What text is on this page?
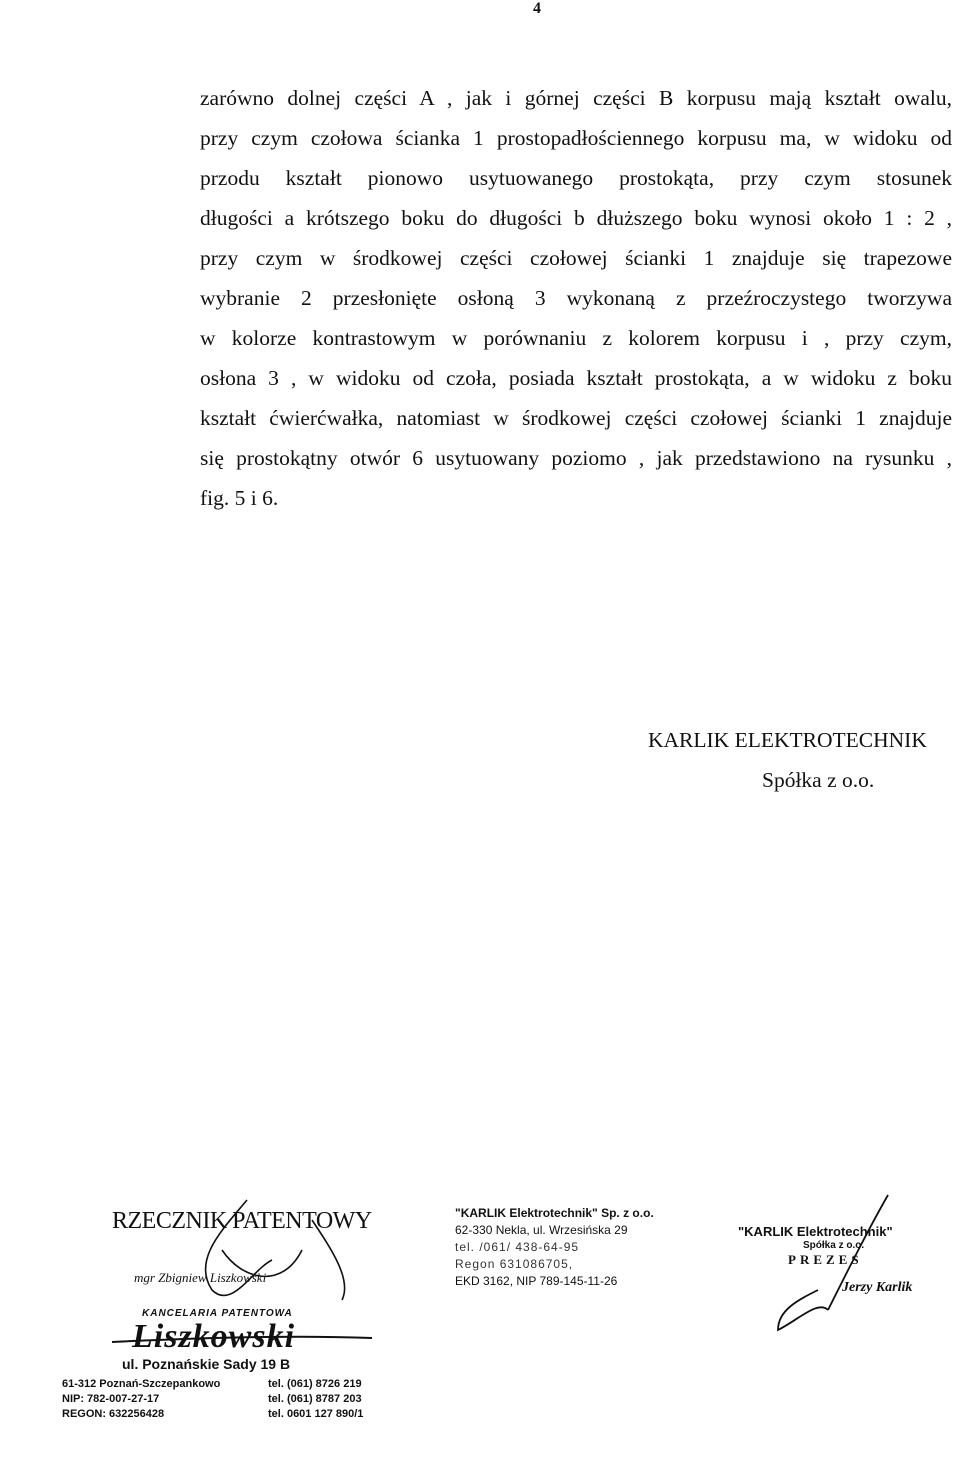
4
zarówno dolnej części A , jak i górnej części B korpusu mają kształt owalu,
przy czym czołowa ścianka 1 prostopadłościennego korpusu ma, w widoku od
przodu kształt pionowo usytuowanego prostokąta, przy czym stosunek
długości a krótszego boku do długości b dłuższego boku wynosi około 1 : 2 ,
przy czym w środkowej części czołowej ścianki 1 znajduje się trapezowe
wybranie 2 przesłonięte osłoną 3 wykonaną z przeźroczystego tworzywa
w kolorze kontrastowym w porównaniu z kolorem korpusu i , przy czym,
osłona 3 , w widoku od czoła, posiada kształt prostokąta, a w widoku z boku
kształt ćwierćwałka, natomiast w środkowej części czołowej ścianki 1 znajduje
się prostokątny otwór 6 usytuowany poziomo , jak przedstawiono na rysunku ,
fig. 5 i 6.
KARLIK ELEKTROTECHNIK
Spółka z o.o.
RZECZNIK PATENTOWY
mgr Zbigniew Liszkowski
KANCELARIA PATENTOWA
Liszkowski
ul. Poznańskie Sady 19 B
61-312 Poznań-Szczepankowo	tel. (061) 8726 219
NIP: 782-007-27-17	tel. (061) 8787 203
REGON: 632256428	tel. 0601 127 890/1
"KARLIK Elektrotechnik" Sp. z o.o.
62-330 Nekla, ul. Wrzesińska 29
tel. /061/ 438-64-95
Regon 631086705,
EKD 3162, NIP 789-145-11-26
"KARLIK Elektrotechnik"
Spółka z o.o.
PREZES
Jerzy Karlik
